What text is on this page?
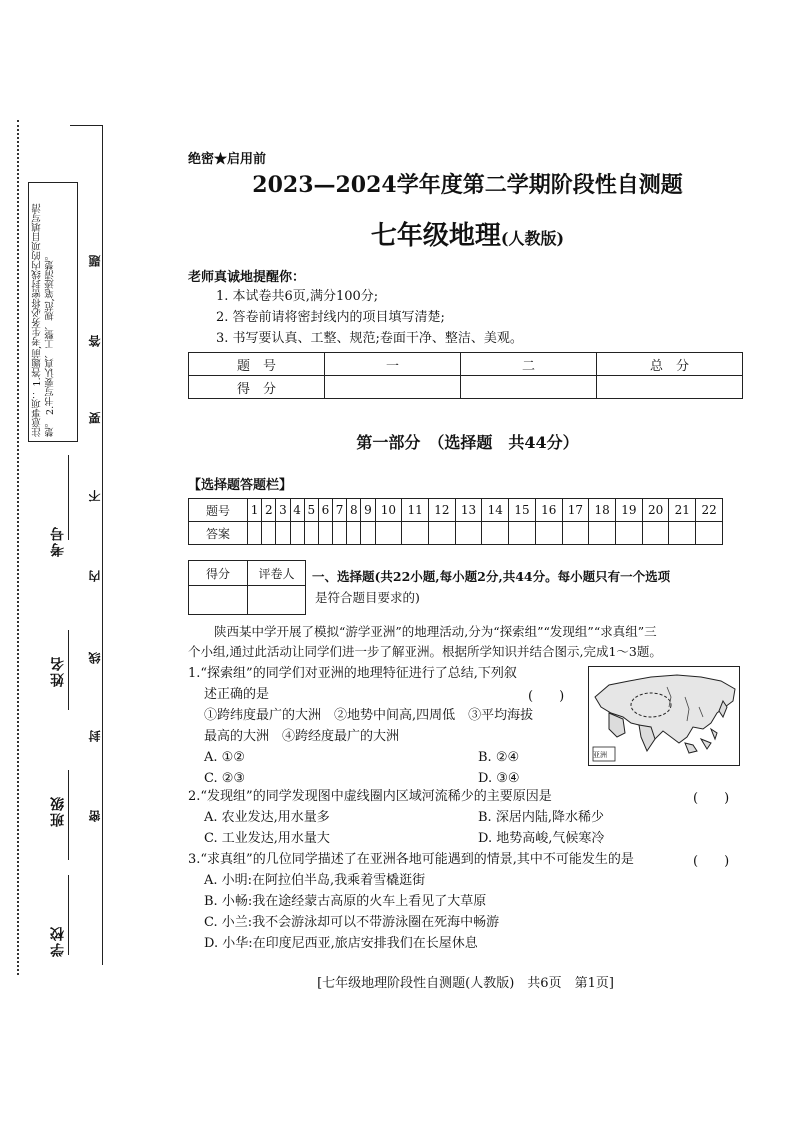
注意事项： 1.答题前,考生务必将密封线内的项目填写清楚。 2.书写要认真、工整、规范,笔迹清楚。	题
答
要
不
内
线
封
密
考号
姓名
班级
学校
绝密★启用前
2023—2024学年度第二学期阶段性自测题
七年级地理(人教版)
老师真诚地提醒你：
1. 本试卷共6页,满分100分;
2. 答卷前请将密封线内的项目填写清楚;
3. 书写要认真、工整、规范;卷面干净、整洁、美观。
题　号	一	二	总　分
得　分			
第一部分　（选择题　共44分）
【选择题答题栏】
题号	1	2	3	4	5	6	7	8	9	10	11	12	13	14	15	16	17	18	19	20	21	22
答案																						
得分	评卷人
	一、选择题(共22小题,每小题2分,共44分。每小题只有一个选项
是符合题目要求的)
陕西某中学开展了模拟“游学亚洲”的地理活动,分为“探索组”“发现组”“求真组”三
个小组,通过此活动让同学们进一步了解亚洲。根据所学知识并结合图示,完成1～3题。
1.“探索组”的同学们对亚洲的地理特征进行了总结,下列叙
述正确的是	(　　)
①跨纬度最广的大洲　②地势中间高,四周低　③平均海拔
最高的大洲　④跨经度最广的大洲
A. ①②	B. ②④
C. ②③	D. ③④
亚洲
2.“发现组”的同学发现图中虚线圈内区域河流稀少的主要原因是	(　　)
A. 农业发达,用水量多	B. 深居内陆,降水稀少
C. 工业发达,用水量大	D. 地势高峻,气候寒冷
3.“求真组”的几位同学描述了在亚洲各地可能遇到的情景,其中不可能发生的是	(　　)
A. 小明:在阿拉伯半岛,我乘着雪橇逛街
B. 小畅:我在途经蒙古高原的火车上看见了大草原
C. 小兰:我不会游泳却可以不带游泳圈在死海中畅游
D. 小华:在印度尼西亚,旅店安排我们在长屋休息
[七年级地理阶段性自测题(人教版)　共6页　第1页]
